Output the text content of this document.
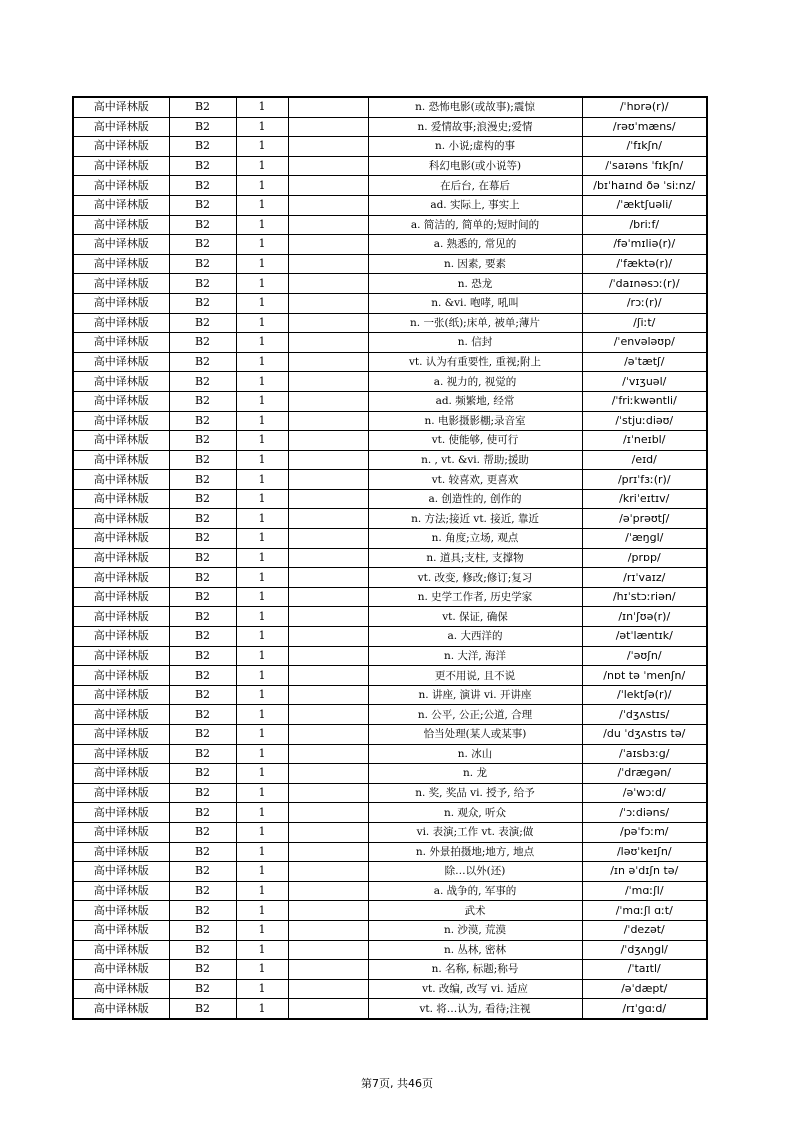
高中译林版	B2	1		n. 恐怖电影(或故事);震惊	/ˈhɒrə(r)/
高中译林版	B2	1		n. 爱情故事;浪漫史;爱情	/rəʊˈmæns/
高中译林版	B2	1		n. 小说;虚构的事	/ˈfɪkʃn/
高中译林版	B2	1		科幻电影(或小说等)	/ˈsaɪəns ˈfɪkʃn/
高中译林版	B2	1		在后台, 在幕后	/bɪˈhaɪnd ðə ˈsiːnz/
高中译林版	B2	1		ad. 实际上, 事实上	/ˈæktʃuəli/
高中译林版	B2	1		a. 简洁的, 简单的;短时间的	/briːf/
高中译林版	B2	1		a. 熟悉的, 常见的	/fəˈmɪliə(r)/
高中译林版	B2	1		n. 因素, 要素	/ˈfæktə(r)/
高中译林版	B2	1		n. 恐龙	/ˈdaɪnəsɔː(r)/
高中译林版	B2	1		n. &vi. 咆哮, 吼叫	/rɔː(r)/
高中译林版	B2	1		n. 一张(纸);床单, 被单;薄片	/ʃiːt/
高中译林版	B2	1		n. 信封	/ˈenvələʊp/
高中译林版	B2	1		vt. 认为有重要性, 重视;附上	/əˈtætʃ/
高中译林版	B2	1		a. 视力的, 视觉的	/ˈvɪʒuəl/
高中译林版	B2	1		ad. 频繁地, 经常	/ˈfriːkwəntli/
高中译林版	B2	1		n. 电影摄影棚;录音室	/ˈstjuːdiəʊ/
高中译林版	B2	1		vt. 使能够, 使可行	/ɪˈneɪbl/
高中译林版	B2	1		n. , vt. &vi. 帮助;援助	/eɪd/
高中译林版	B2	1		vt. 较喜欢, 更喜欢	/prɪˈfɜː(r)/
高中译林版	B2	1		a. 创造性的, 创作的	/kriˈeɪtɪv/
高中译林版	B2	1		n. 方法;接近 vt. 接近, 靠近	/əˈprəʊtʃ/
高中译林版	B2	1		n. 角度;立场, 观点	/ˈæŋgl/
高中译林版	B2	1		n. 道具;支柱, 支撑物	/prɒp/
高中译林版	B2	1		vt. 改变, 修改;修订;复习	/rɪˈvaɪz/
高中译林版	B2	1		n. 史学工作者, 历史学家	/hɪˈstɔːriən/
高中译林版	B2	1		vt. 保证, 确保	/ɪnˈʃʊə(r)/
高中译林版	B2	1		a. 大西洋的	/ətˈlæntɪk/
高中译林版	B2	1		n. 大洋, 海洋	/ˈəʊʃn/
高中译林版	B2	1		更不用说, 且不说	/nɒt tə ˈmenʃn/
高中译林版	B2	1		n. 讲座, 演讲 vi. 开讲座	/ˈlektʃə(r)/
高中译林版	B2	1		n. 公平, 公正;公道, 合理	/ˈdʒʌstɪs/
高中译林版	B2	1		恰当处理(某人或某事)	/du ˈdʒʌstɪs tə/
高中译林版	B2	1		n. 冰山	/ˈaɪsbɜːg/
高中译林版	B2	1		n. 龙	/ˈdrægən/
高中译林版	B2	1		n. 奖, 奖品 vi. 授予, 给予	/əˈwɔːd/
高中译林版	B2	1		n. 观众, 听众	/ˈɔːdiəns/
高中译林版	B2	1		vi. 表演;工作 vt. 表演;做	/pəˈfɔːm/
高中译林版	B2	1		n. 外景拍摄地;地方, 地点	/ləʊˈkeɪʃn/
高中译林版	B2	1		除…以外(还)	/ɪn əˈdɪʃn tə/
高中译林版	B2	1		a. 战争的, 军事的	/ˈmɑːʃl/
高中译林版	B2	1		武术	/ˈmɑːʃl ɑːt/
高中译林版	B2	1		n. 沙漠, 荒漠	/ˈdezət/
高中译林版	B2	1		n. 丛林, 密林	/ˈdʒʌŋgl/
高中译林版	B2	1		n. 名称, 标题;称号	/ˈtaɪtl/
高中译林版	B2	1		vt. 改编, 改写 vi. 适应	/əˈdæpt/
高中译林版	B2	1		vt. 将…认为, 看待;注视	/rɪˈgɑːd/
第7页, 共46页
